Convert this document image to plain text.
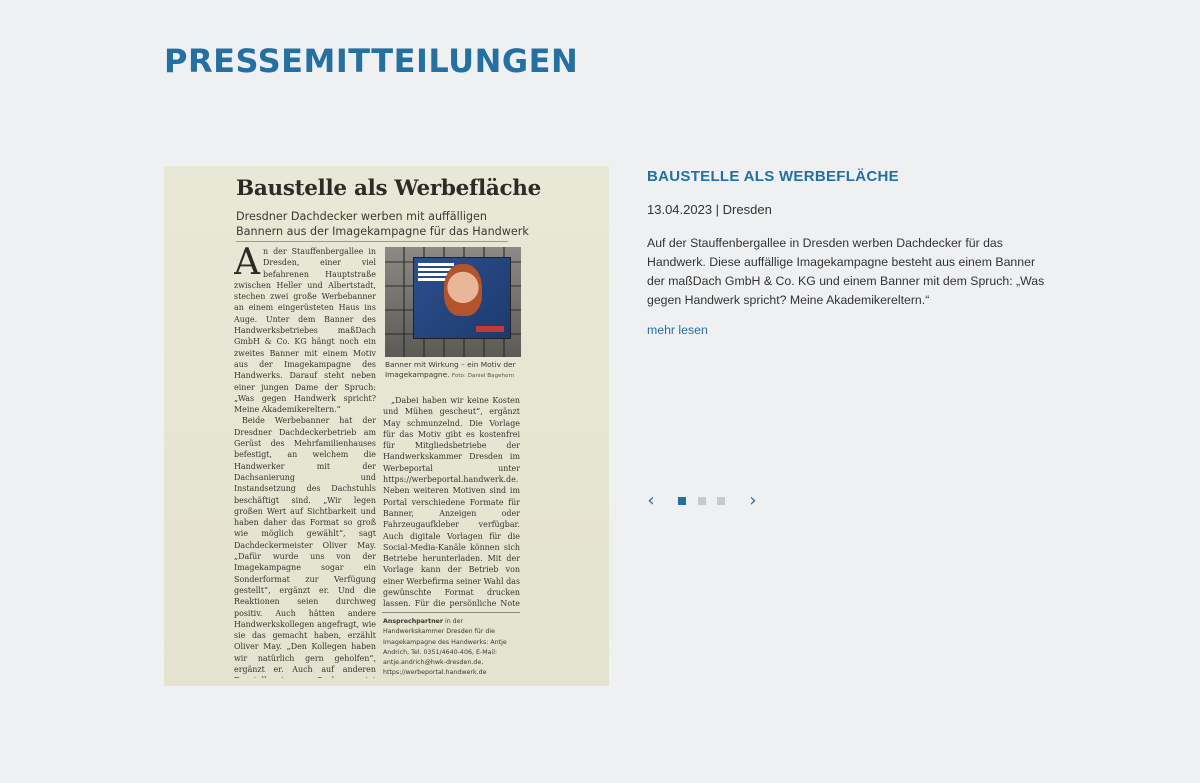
PRESSEMITTEILUNGEN
Baustelle als Werbefläche
Dresdner Dachdecker werben mit auffälligen Bannern aus der Imagekampagne für das Handwerk

An der Stauffenbergallee in Dresden, einer viel befahrenen Hauptstraße zwischen Heller und Albertstadt, stechen zwei große Werbebanner an einem eingerüsteten Haus ins Auge. Unter dem Banner des Handwerksbetriebes maßDach GmbH & Co. KG hängt noch ein zweites Banner mit einem Motiv aus der Imagekampagne des Handwerks. Darauf steht neben einer jungen Dame der Spruch: „Was gegen Handwerk spricht? Meine Akademikereltern.“

Beide Werbebanner hat der Dresdner Dachdeckerbetrieb am Gerüst des Mehrfamilienhauses befestigt, an welchem die Handwerker mit der Dachsanierung und Instandsetzung des Dachstuhls beschäftigt sind. „Wir legen großen Wert auf Sichtbarkeit und haben daher das Format so groß wie möglich gewählt“, sagt Dachdeckermeister Oliver May. „Dafür wurde uns von der Imagekampagne sogar ein Sonderformat zur Verfügung gestellt“, ergänzt er. Und die Reaktionen seien durchweg positiv. Auch hätten andere Handwerkskollegen angefragt, wie sie das gemacht haben, erzählt Oliver May. „Den Kollegen haben wir natürlich gern geholfen“, ergänzt er. Auch auf anderen

Banner mit Wirkung – ein Motiv der Imagekampagne. Foto: Daniel Bagehorn

„Dabei haben wir keine Kosten und Mühen gescheut“, ergänzt May schmunzelnd. Die Vorlage für das Motiv gibt es kostenfrei für Mitgliedsbetriebe der Handwerkskammer Dresden im Werbeportal unter https://werbeportal.handwerk.de. Neben weiteren Motiven sind im Portal verschiedene Formate für Banner, Anzeigen oder Fahrzeugaufkleber verfügbar. Auch digitale Vorlagen für die Social-Media-Kanäle können sich Betriebe herunterladen. Mit der Vorlage kann der Betrieb von einer Werbefirma seiner Wahl das gewünschte Format drucken lassen. Für die persönliche Note

Ansprechpartner in der Handwerkskammer Dresden für die Imagekampagne des Handwerks: Antje Andrich, Tel. 0351/4640-406, E-Mail: antje.andrich@hwk-dresden.de, https://werbeportal.handwerk.de
BAUSTELLE ALS WERBEFLÄCHE
13.04.2023 | Dresden

Auf der Stauffenbergallee in Dresden werben Dachdecker für das Handwerk. Diese auffällige Imagekampagne besteht aus einem Banner der maßDach GmbH & Co. KG und einem Banner mit dem Spruch: „Was gegen Handwerk spricht? Meine Akademikereltern.“

mehr lesen
‹	›
